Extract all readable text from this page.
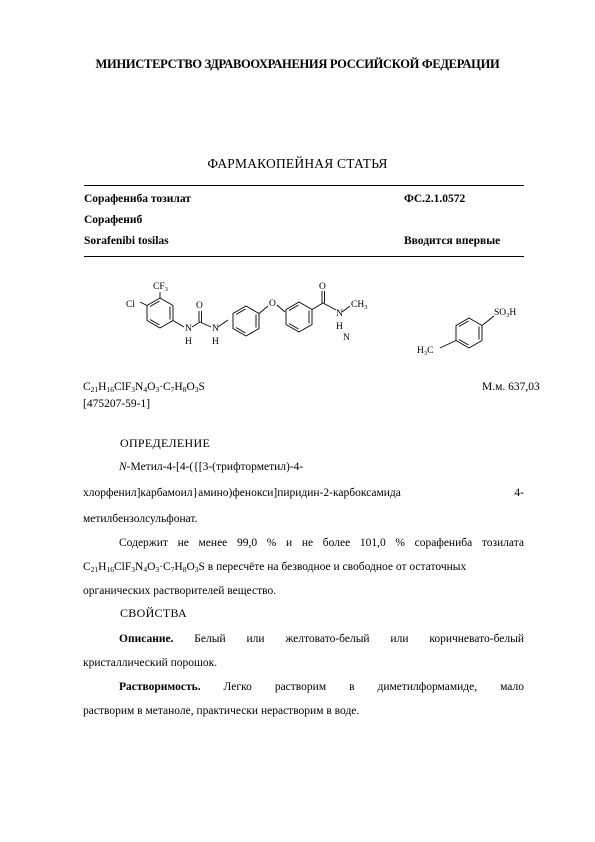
МИНИСТЕРСТВО ЗДРАВООХРАНЕНИЯ РОССИЙСКОЙ ФЕДЕРАЦИИ
ФАРМАКОПЕЙНАЯ СТАТЬЯ
Сорафениба тозилат	ФС.2.1.0572
Сорафениб
Sorafenibi tosilas	Вводится впервые
Cl
$CF_3$
O
N
H
N
H
O
O
N
N
H
$CH_3$
$SO_3H$
$H_3C$
$C_{21}H_{16}ClF_3N_4O_3\cdot C_7H_8O_3S$	М.м. 637,03
[475207-59-1]
ОПРЕДЕЛЕНИЕ
N-Метил-4-[4-({[3-(трифторметил)-4-
хлорфенил]карбамоил}амино)фенокси]пиридин-2-карбоксамида 4-
метилбензолсульфонат.
Содержит не менее 99,0 % и не более 101,0 % сорафениба тозилата
$C_{21}H_{16}ClF_3N_4O_3\cdot C_7H_8O_3S$ в пересчёте на безводное и свободное от остаточных
органических растворителей вещество.
СВОЙСТВА
Описание. Белый или желтовато-белый или коричневато-белый
кристаллический порошок.
Растворимость. Легко растворим в диметилформамиде, мало
растворим в метаноле, практически нерастворим в воде.
